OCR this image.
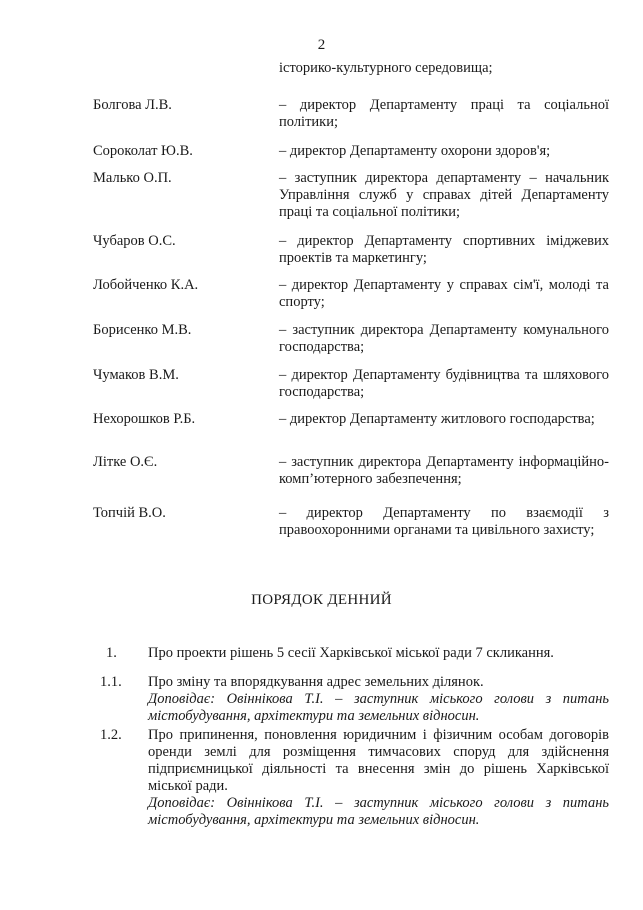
2
історико-культурного середовища;
Болгова Л.В.	– директор Департаменту праці та соціальної політики;
Сороколат Ю.В.	– директор Департаменту охорони здоров'я;
Малько О.П.	– заступник директора департаменту – начальник Управління служб у справах дітей Департаменту праці та соціальної політики;
Чубаров О.С.	– директор Департаменту спортивних іміджевих проектів та маркетингу;
Лобойченко К.А.	– директор Департаменту у справах сім'ї, молоді та спорту;
Борисенко М.В.	– заступник директора Департаменту комунального господарства;
Чумаков В.М.	– директор Департаменту будівництва та шляхового господарства;
Нехорошков Р.Б.	– директор Департаменту житлового господарства;
Літке О.Є.	– заступник директора Департаменту інформаційно-комп’ютерного забезпечення;
Топчій В.О.	– директор Департаменту по взаємодії з правоохоронними органами та цивільного захисту;
ПОРЯДОК ДЕННИЙ
1. Про проекти рішень 5 сесії Харківської міської ради 7 скликання.
1.1. Про зміну та впорядкування адрес земельних ділянок.
Доповідає: Овіннікова Т.І. – заступник міського голови з питань містобудування, архітектури та земельних відносин.
1.2. Про припинення, поновлення юридичним і фізичним особам договорів оренди землі для розміщення тимчасових споруд для здійснення підприємницької діяльності та внесення змін до рішень Харківської міської ради.
Доповідає: Овіннікова Т.І. – заступник міського голови з питань містобудування, архітектури та земельних відносин.
